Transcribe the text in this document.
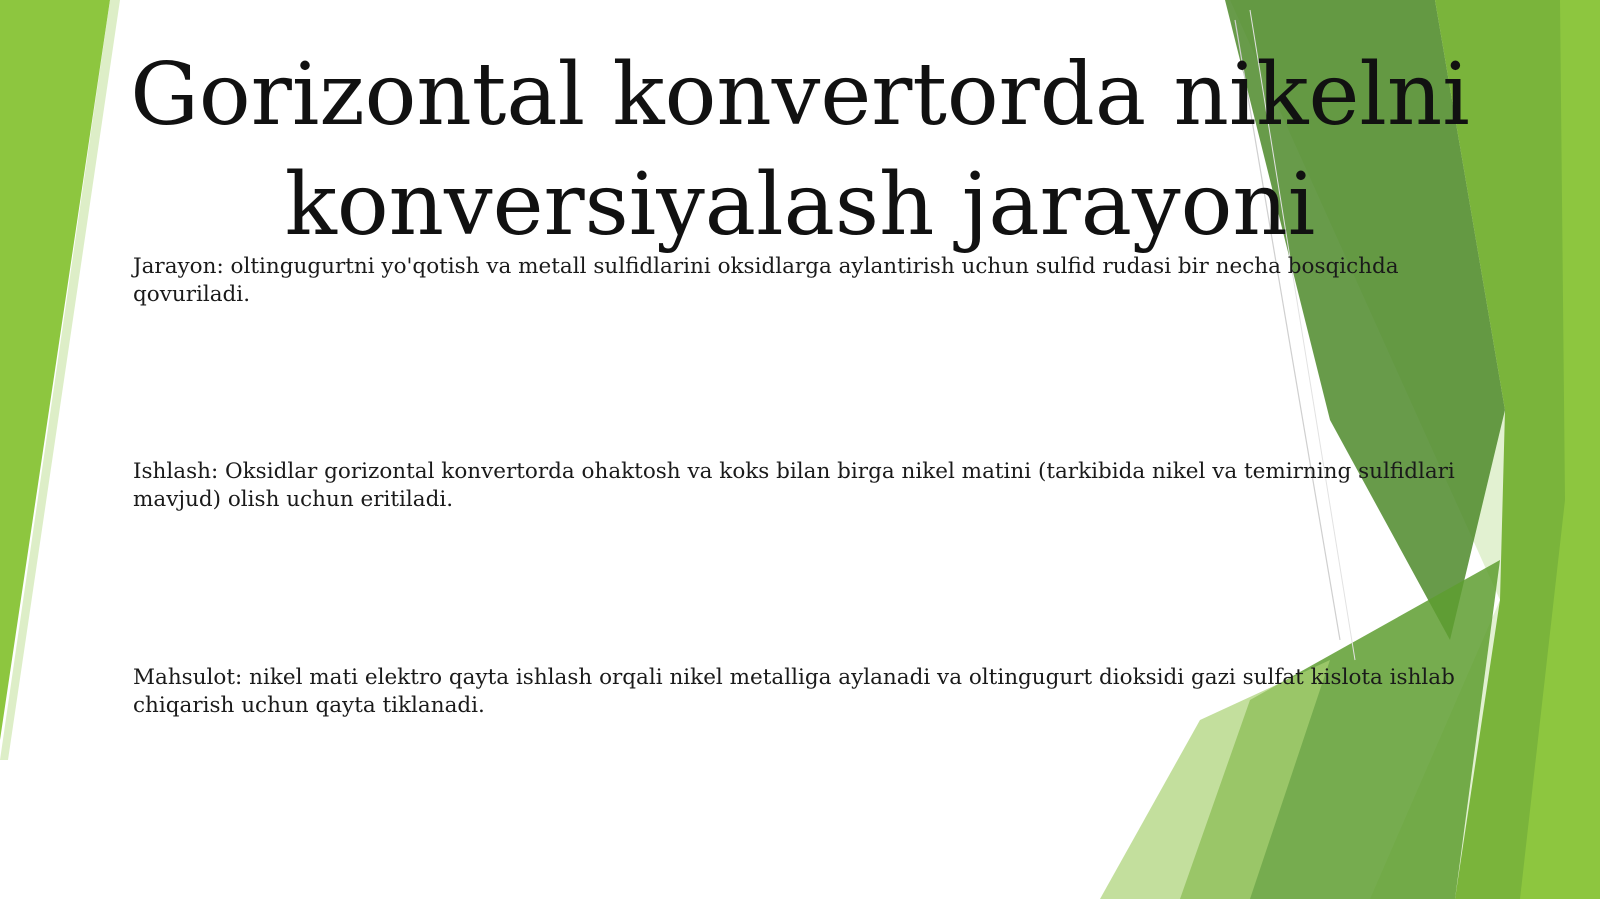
Gorizontal konvertorda nikelni
konversiyalash jarayoni

Jarayon: oltingugurtni yo'qotish va metall sulfidlarini oksidlarga aylantirish uchun sulfid rudasi bir necha bosqichda
qovuriladi.

Ishlash: Oksidlar gorizontal konvertorda ohaktosh va koks bilan birga nikel matini (tarkibida nikel va temirning sulfidlari
mavjud) olish uchun eritiladi.

Mahsulot: nikel mati elektro qayta ishlash orqali nikel metalliga aylanadi va oltingugurt dioksidi gazi sulfat kislota ishlab
chiqarish uchun qayta tiklanadi.
